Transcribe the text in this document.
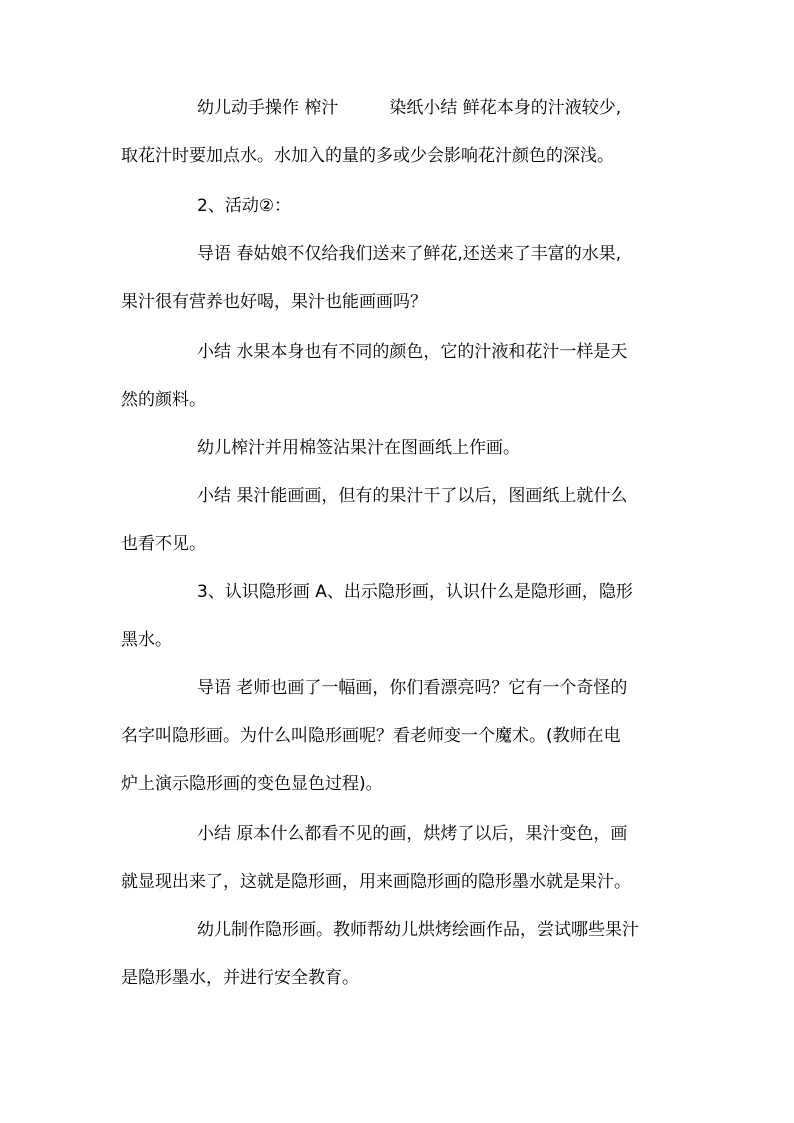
幼儿动手操作 榨汁　　　染纸小结 鲜花本身的汁液较少,
取花汁时要加点水。水加入的量的多或少会影响花汁颜色的深浅。

2、活动②：

导语 春姑娘不仅给我们送来了鲜花,还送来了丰富的水果,
果汁很有营养也好喝，果汁也能画画吗？

小结 水果本身也有不同的颜色，它的汁液和花汁一样是天
然的颜料。

幼儿榨汁并用棉签沾果汁在图画纸上作画。

小结 果汁能画画，但有的果汁干了以后，图画纸上就什么
也看不见。

3、认识隐形画 A、出示隐形画，认识什么是隐形画，隐形
黑水。

导语 老师也画了一幅画，你们看漂亮吗？它有一个奇怪的
名字叫隐形画。为什么叫隐形画呢？看老师变一个魔术。(教师在电
炉上演示隐形画的变色显色过程)。

小结 原本什么都看不见的画，烘烤了以后，果汁变色，画
就显现出来了，这就是隐形画，用来画隐形画的隐形墨水就是果汁。

幼儿制作隐形画。教师帮幼儿烘烤绘画作品，尝试哪些果汁
是隐形墨水，并进行安全教育。
